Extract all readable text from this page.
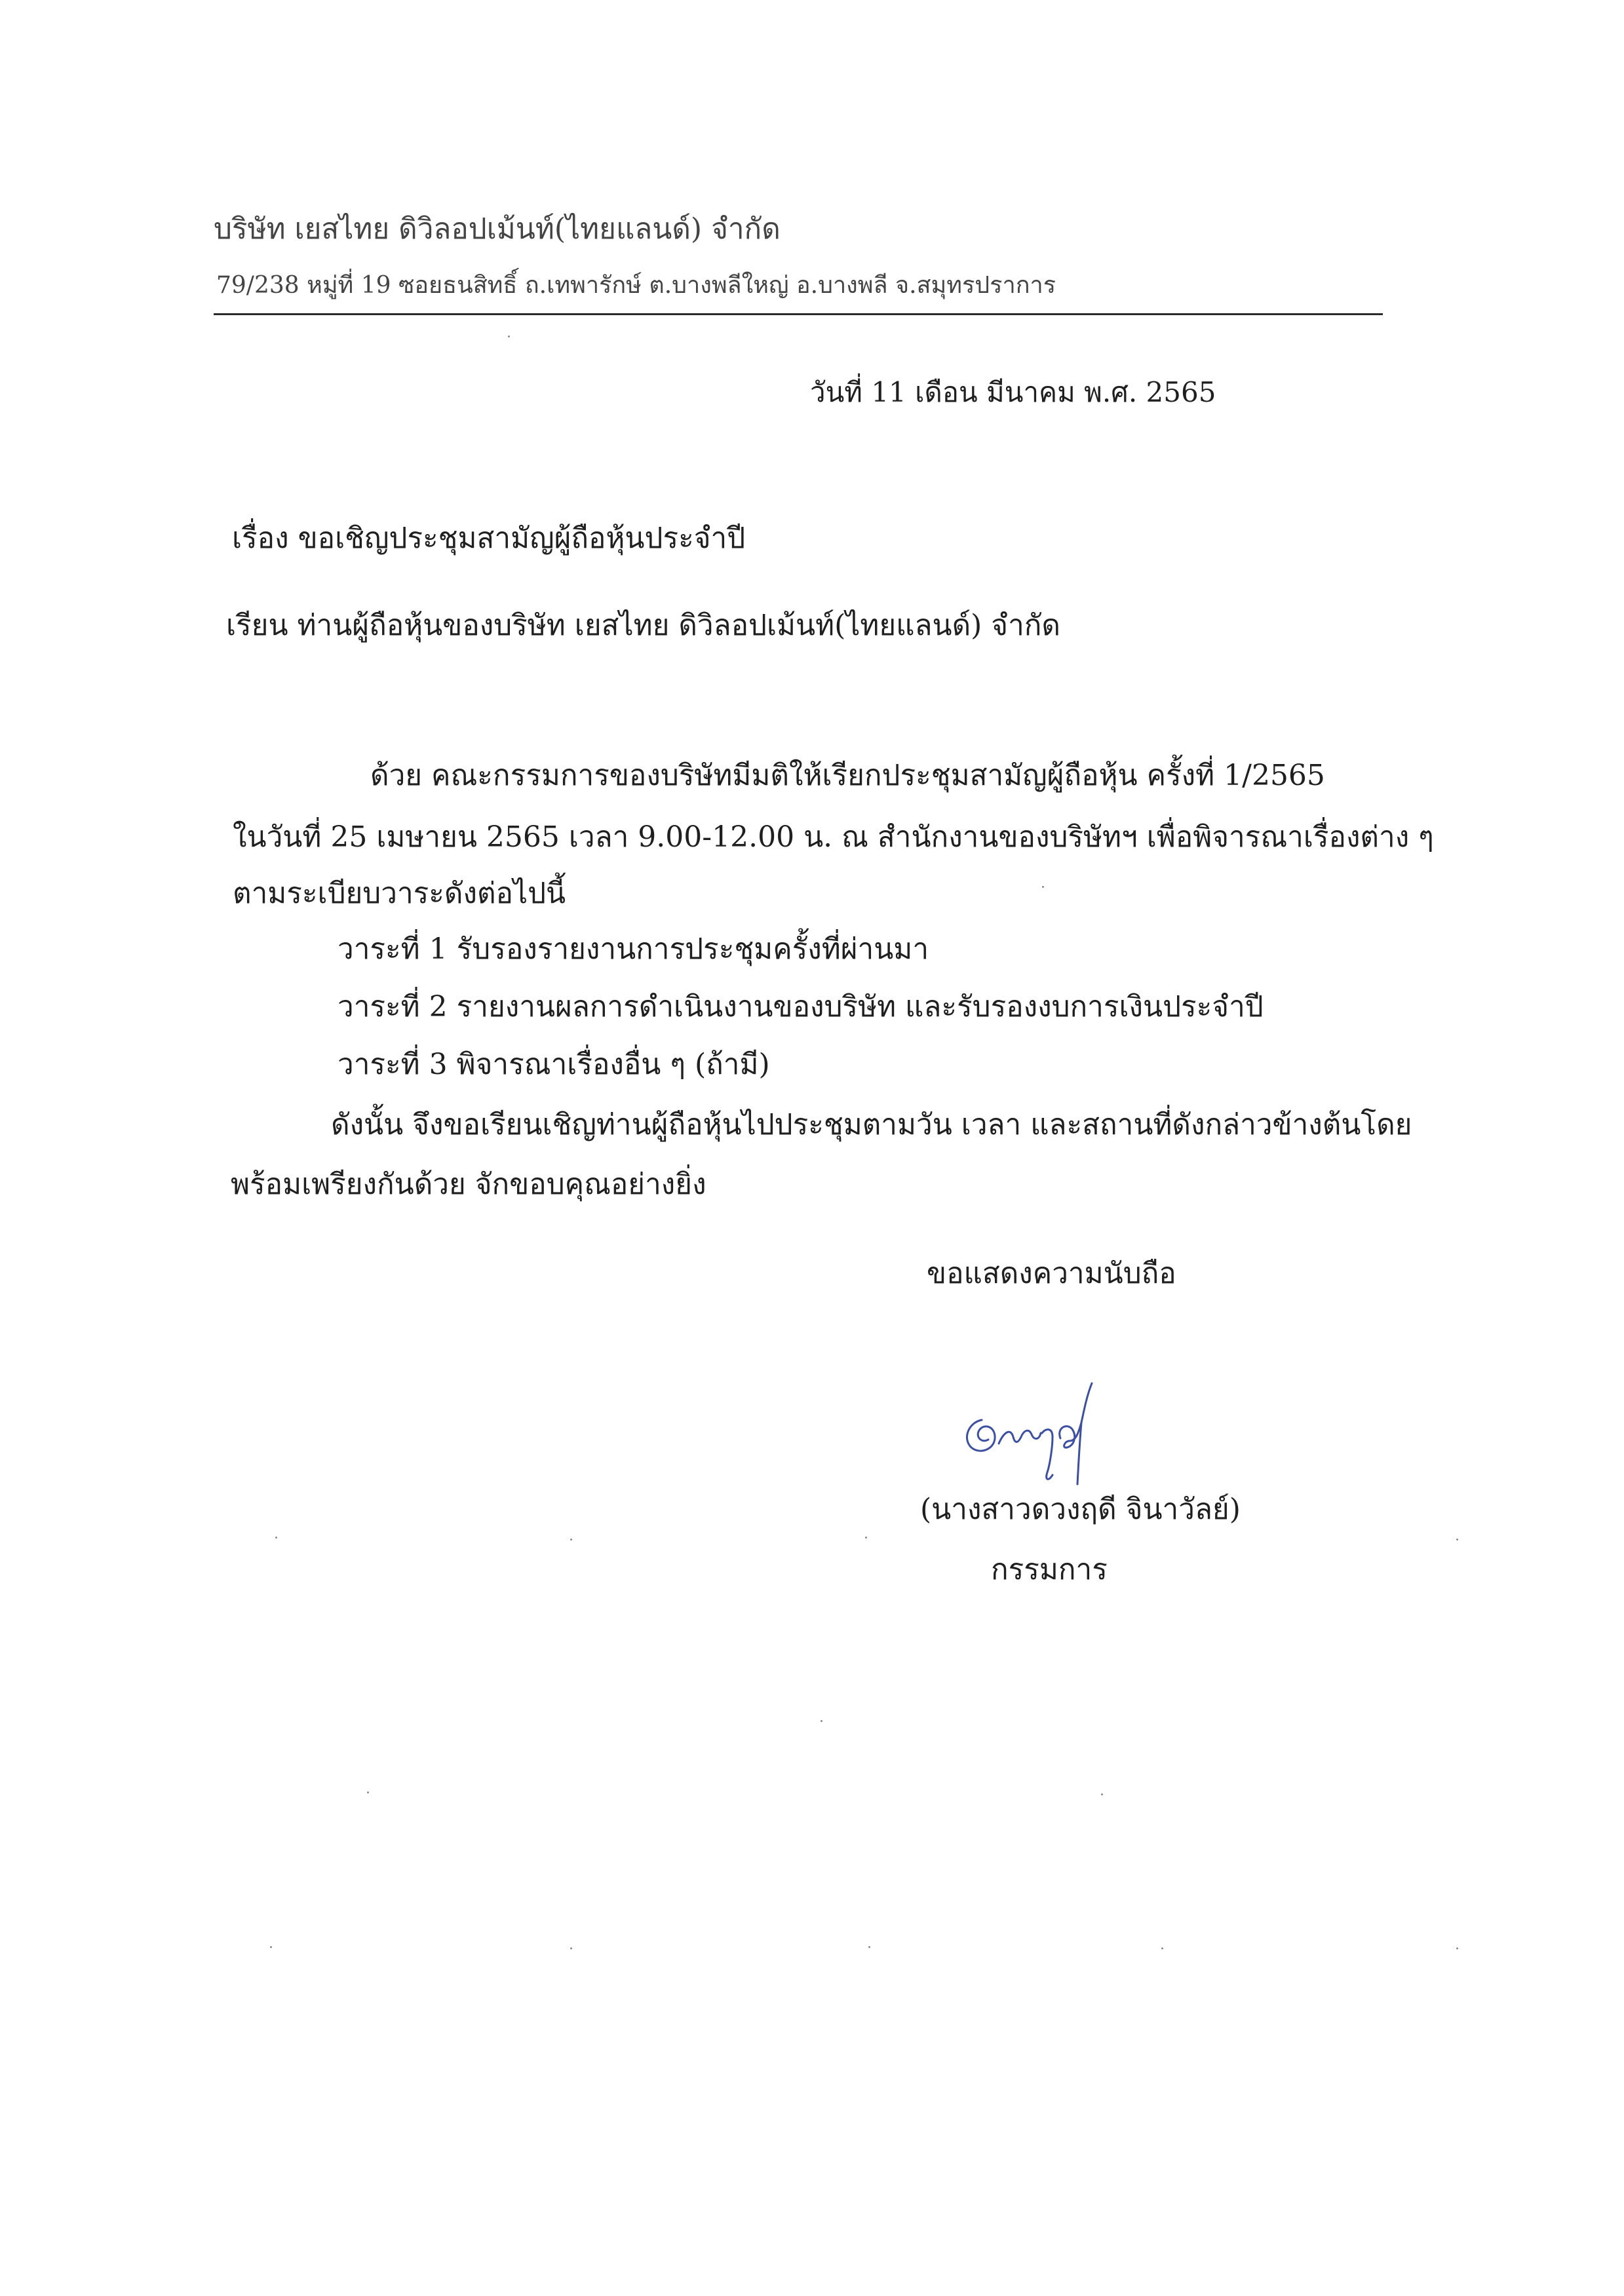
บริษัท เยสไทย ดิวิลอปเม้นท์(ไทยแลนด์) จำกัด
79/238 หมู่ที่ 19 ซอยธนสิทธิ์ ถ.เทพารักษ์ ต.บางพลีใหญ่ อ.บางพลี จ.สมุทรปราการ
วันที่ 11 เดือน มีนาคม พ.ศ. 2565
เรื่อง ขอเชิญประชุมสามัญผู้ถือหุ้นประจำปี
เรียน ท่านผู้ถือหุ้นของบริษัท เยสไทย ดิวิลอปเม้นท์(ไทยแลนด์) จำกัด
ด้วย คณะกรรมการของบริษัทมีมติให้เรียกประชุมสามัญผู้ถือหุ้น ครั้งที่ 1/2565
ในวันที่ 25 เมษายน 2565 เวลา 9.00-12.00 น. ณ สำนักงานของบริษัทฯ เพื่อพิจารณาเรื่องต่าง ๆ
ตามระเบียบวาระดังต่อไปนี้
วาระที่ 1 รับรองรายงานการประชุมครั้งที่ผ่านมา
วาระที่ 2 รายงานผลการดำเนินงานของบริษัท และรับรองงบการเงินประจำปี
วาระที่ 3 พิจารณาเรื่องอื่น ๆ (ถ้ามี)
ดังนั้น จึงขอเรียนเชิญท่านผู้ถือหุ้นไปประชุมตามวัน เวลา และสถานที่ดังกล่าวข้างต้นโดย
พร้อมเพรียงกันด้วย จักขอบคุณอย่างยิ่ง
ขอแสดงความนับถือ
(นางสาวดวงฤดี จินาวัลย์)
กรรมการ
